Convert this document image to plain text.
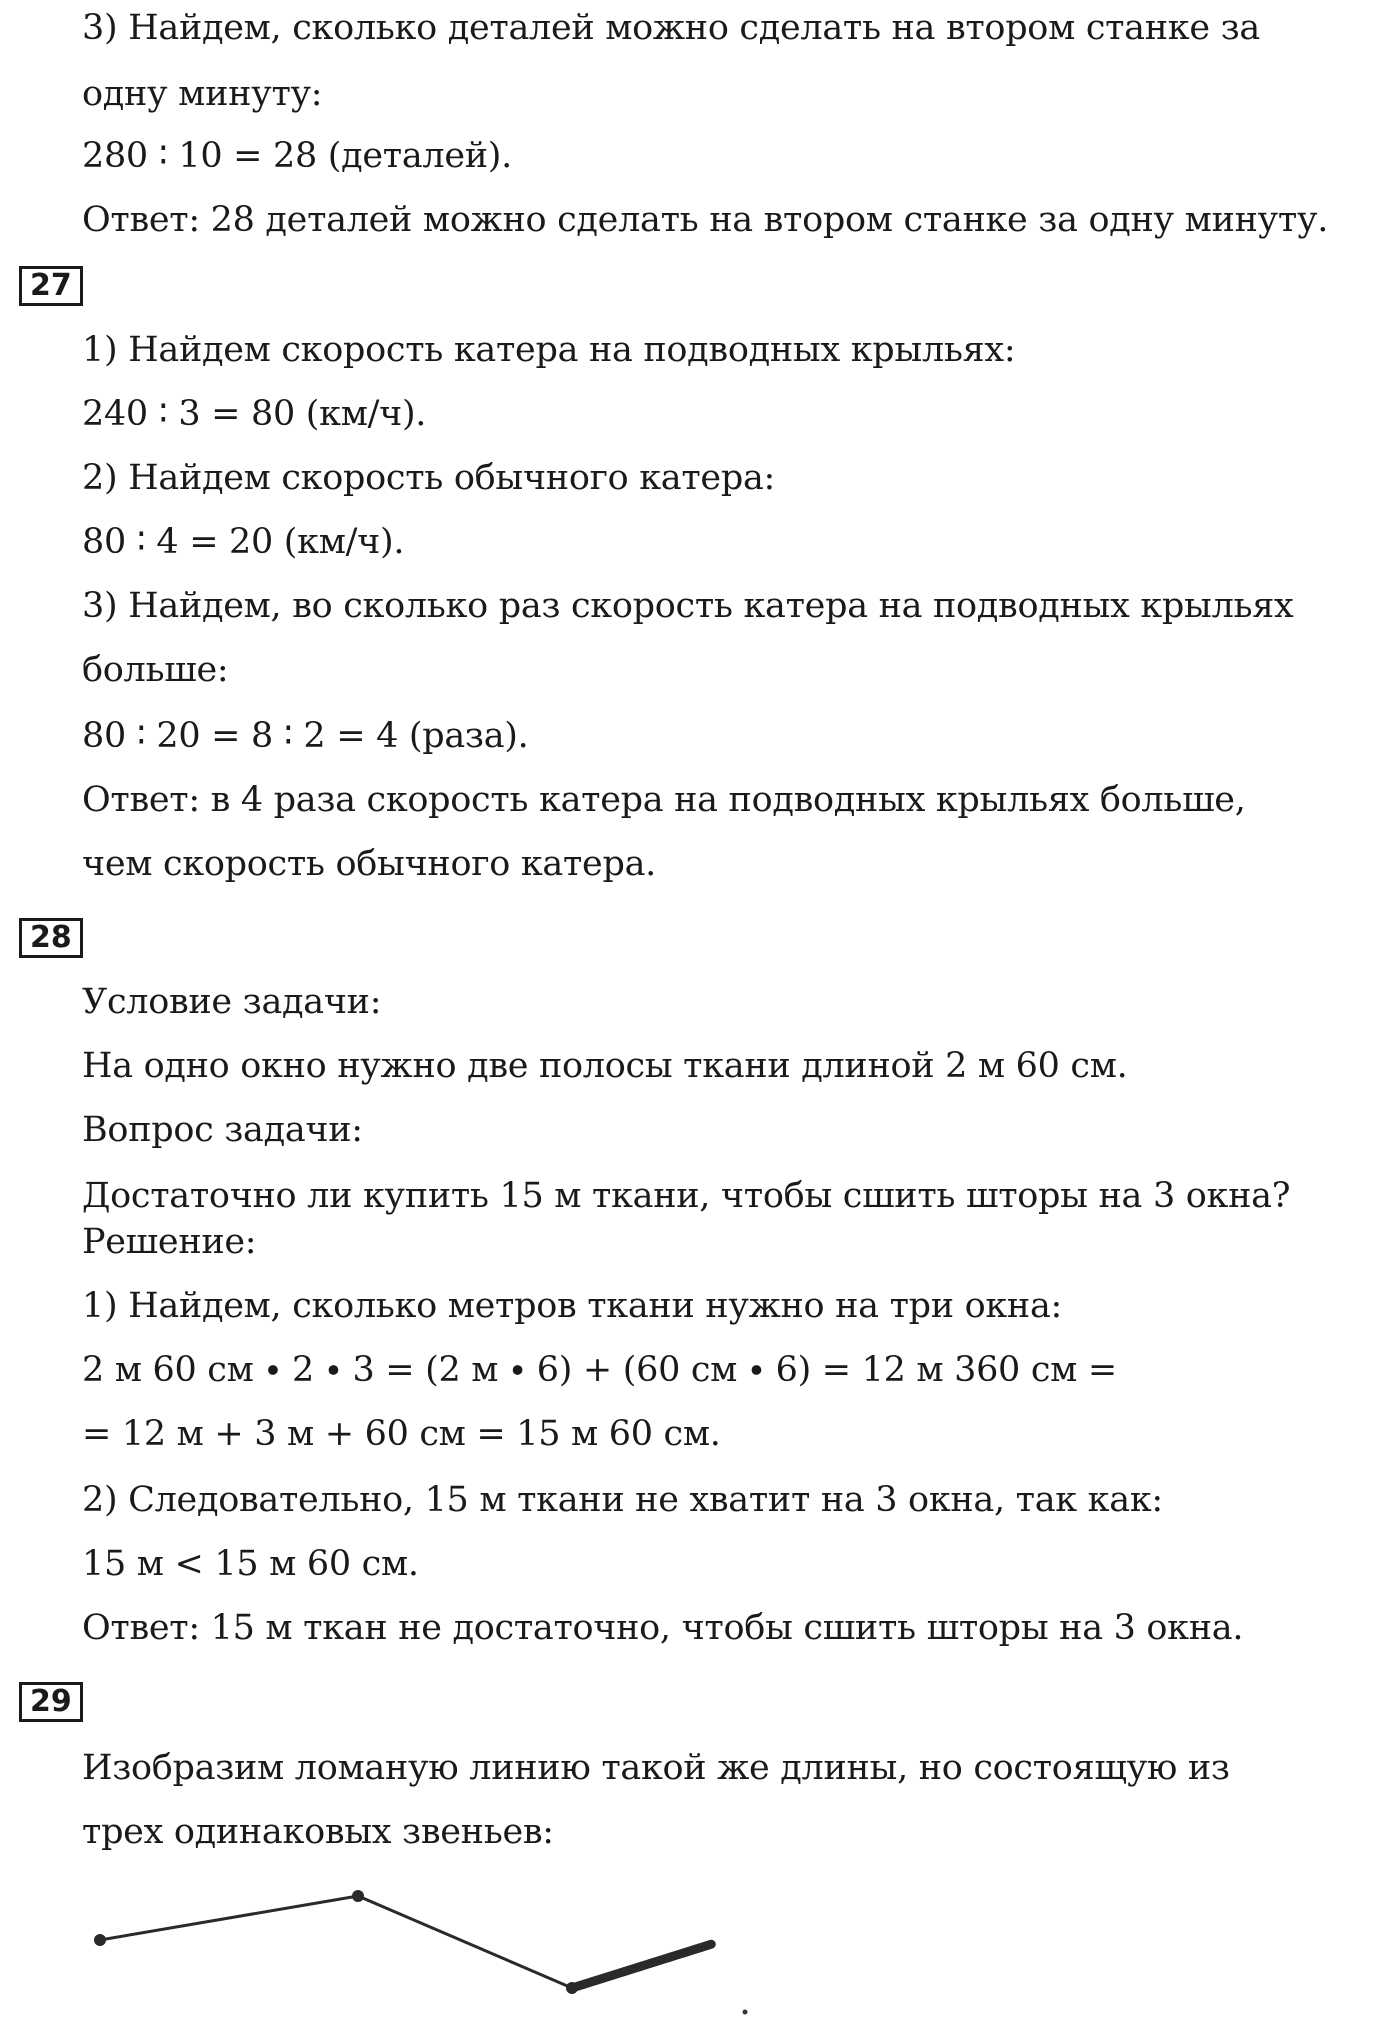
3) Найдем, сколько деталей можно сделать на втором станке за
одну минуту:
280 ∶ 10 = 28 (деталей).
Ответ: 28 деталей можно сделать на втором станке за одну минуту.
27
1) Найдем скорость катера на подводных крыльях:
240 ∶ 3 = 80 (км/ч).
2) Найдем скорость обычного катера:
80 ∶ 4 = 20 (км/ч).
3) Найдем, во сколько раз скорость катера на подводных крыльях
больше:
80 ∶ 20 = 8 ∶ 2 = 4 (раза).
Ответ: в 4 раза скорость катера на подводных крыльях больше,
чем скорость обычного катера.
28
Условие задачи:
На одно окно нужно две полосы ткани длиной 2 м 60 см.
Вопрос задачи:
Достаточно ли купить 15 м ткани, чтобы сшить шторы на 3 окна?
Решение:
1) Найдем, сколько метров ткани нужно на три окна:
2 м 60 см ∙ 2 ∙ 3 = (2 м ∙ 6) + (60 см ∙ 6) = 12 м 360 см =
= 12 м + 3 м + 60 см = 15 м 60 см.
2) Следовательно, 15 м ткани не хватит на 3 окна, так как:
15 м < 15 м 60 см.
Ответ: 15 м ткан не достаточно, чтобы сшить шторы на 3 окна.
29
Изобразим ломаную линию такой же длины, но состоящую из
трех одинаковых звеньев:
